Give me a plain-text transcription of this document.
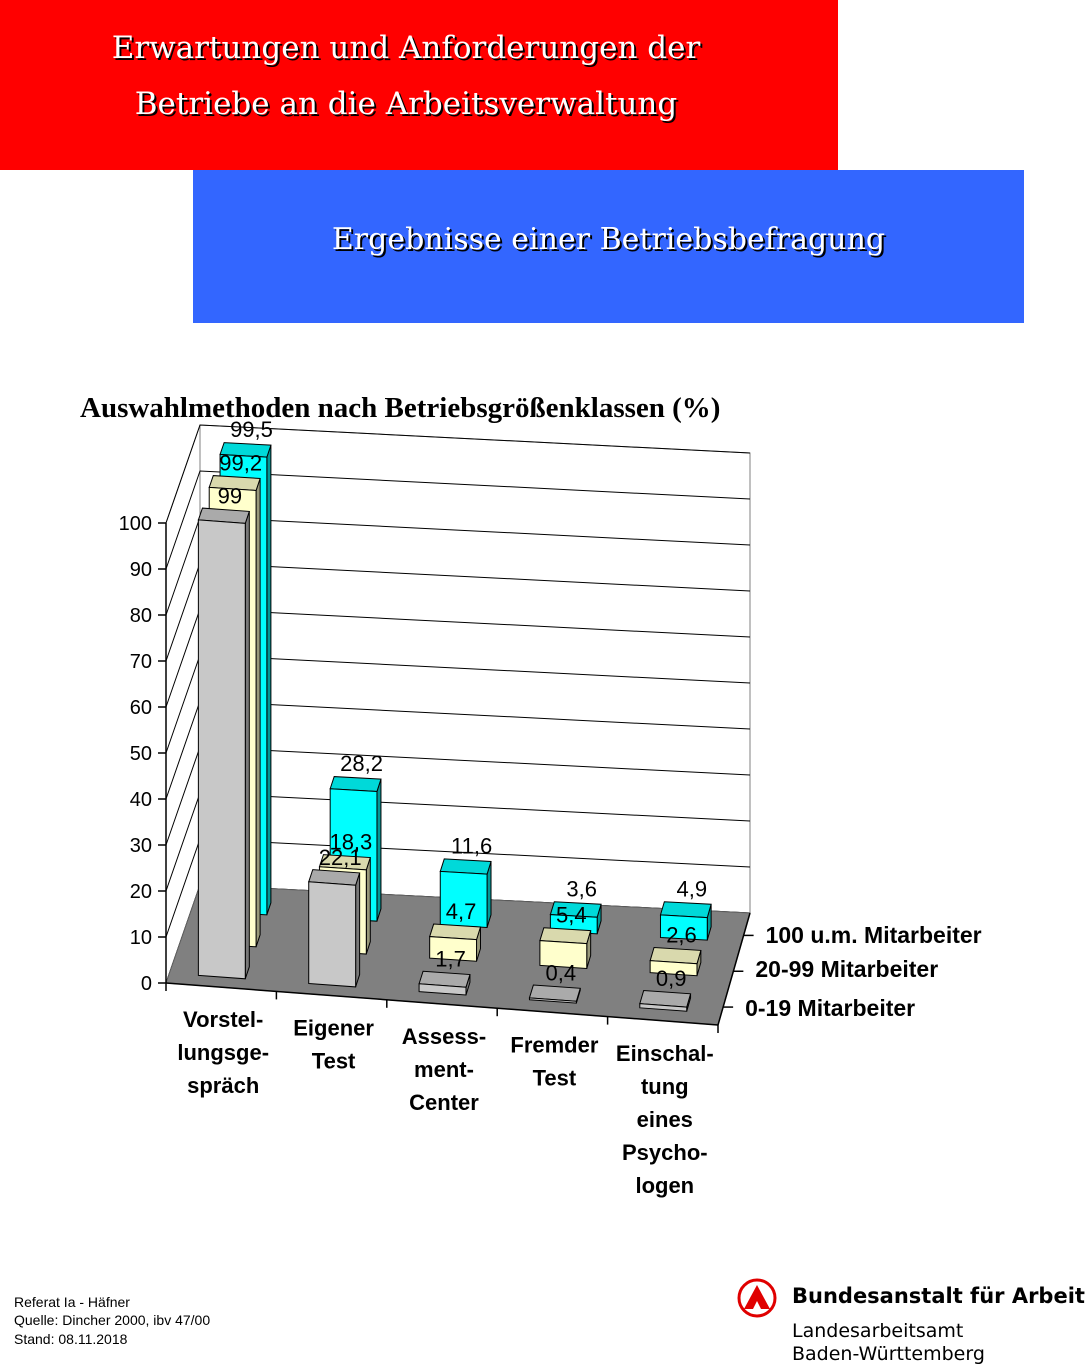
Erwartungen und Anforderungen der
Betriebe an die Arbeitsverwaltung
Ergebnisse einer Betriebsbefragung
Auswahlmethoden nach Betriebsgrößenklassen (%)
0
10
20
30
40
50
60
70
80
90
100
99,5
28,2
11,6
3,6	4,9
99,2
18,3
4,7	5,4
2,6
99
22,1
1,7
0,4	0,9
Vorstel-
lungsge-
spräch
Eigener
Test
Assess-
ment-
Center
Fremder
Test
Einschal-
tung
eines
Psycho-
logen
0-19 Mitarbeiter
20-99 Mitarbeiter
100 u.m. Mitarbeiter
Referat Ia - Häfner
Quelle: Dincher 2000, ibv 47/00
Stand: 08.11.2018
Bundesanstalt für Arbeit
Landesarbeitsamt
Baden-Württemberg
